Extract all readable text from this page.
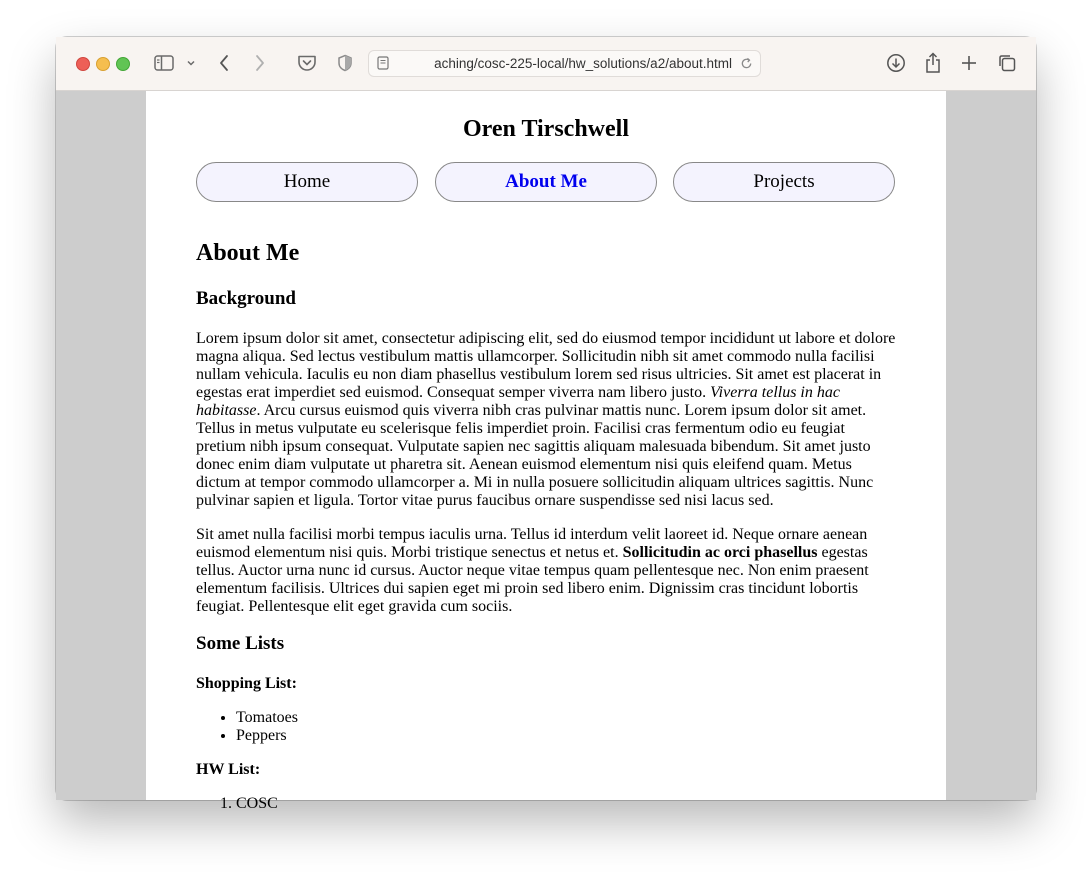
aching/cosc-225-local/hw_solutions/a2/about.html
Oren Tirschwell
Home	About Me	Projects
About Me
Background

Lorem ipsum dolor sit amet, consectetur adipiscing elit, sed do eiusmod tempor incididunt ut labore et dolore magna aliqua. Sed lectus vestibulum mattis ullamcorper. Sollicitudin nibh sit amet commodo nulla facilisi nullam vehicula. Iaculis eu non diam phasellus vestibulum lorem sed risus ultricies. Sit amet est placerat in egestas erat imperdiet sed euismod. Consequat semper viverra nam libero justo. Viverra tellus in hac habitasse. Arcu cursus euismod quis viverra nibh cras pulvinar mattis nunc. Lorem ipsum dolor sit amet. Tellus in metus vulputate eu scelerisque felis imperdiet proin. Facilisi cras fermentum odio eu feugiat pretium nibh ipsum consequat. Vulputate sapien nec sagittis aliquam malesuada bibendum. Sit amet justo donec enim diam vulputate ut pharetra sit. Aenean euismod elementum nisi quis eleifend quam. Metus dictum at tempor commodo ullamcorper a. Mi in nulla posuere sollicitudin aliquam ultrices sagittis. Nunc pulvinar sapien et ligula. Tortor vitae purus faucibus ornare suspendisse sed nisi lacus sed.

Sit amet nulla facilisi morbi tempus iaculis urna. Tellus id interdum velit laoreet id. Neque ornare aenean euismod elementum nisi quis. Morbi tristique senectus et netus et. Sollicitudin ac orci phasellus egestas tellus. Auctor urna nunc id cursus. Auctor neque vitae tempus quam pellentesque nec. Non enim praesent elementum facilisis. Ultrices dui sapien eget mi proin sed libero enim. Dignissim cras tincidunt lobortis feugiat. Pellentesque elit eget gravida cum sociis.

Some Lists
Shopping List:
• Tomatoes
• Peppers
HW List:
1. COSC
